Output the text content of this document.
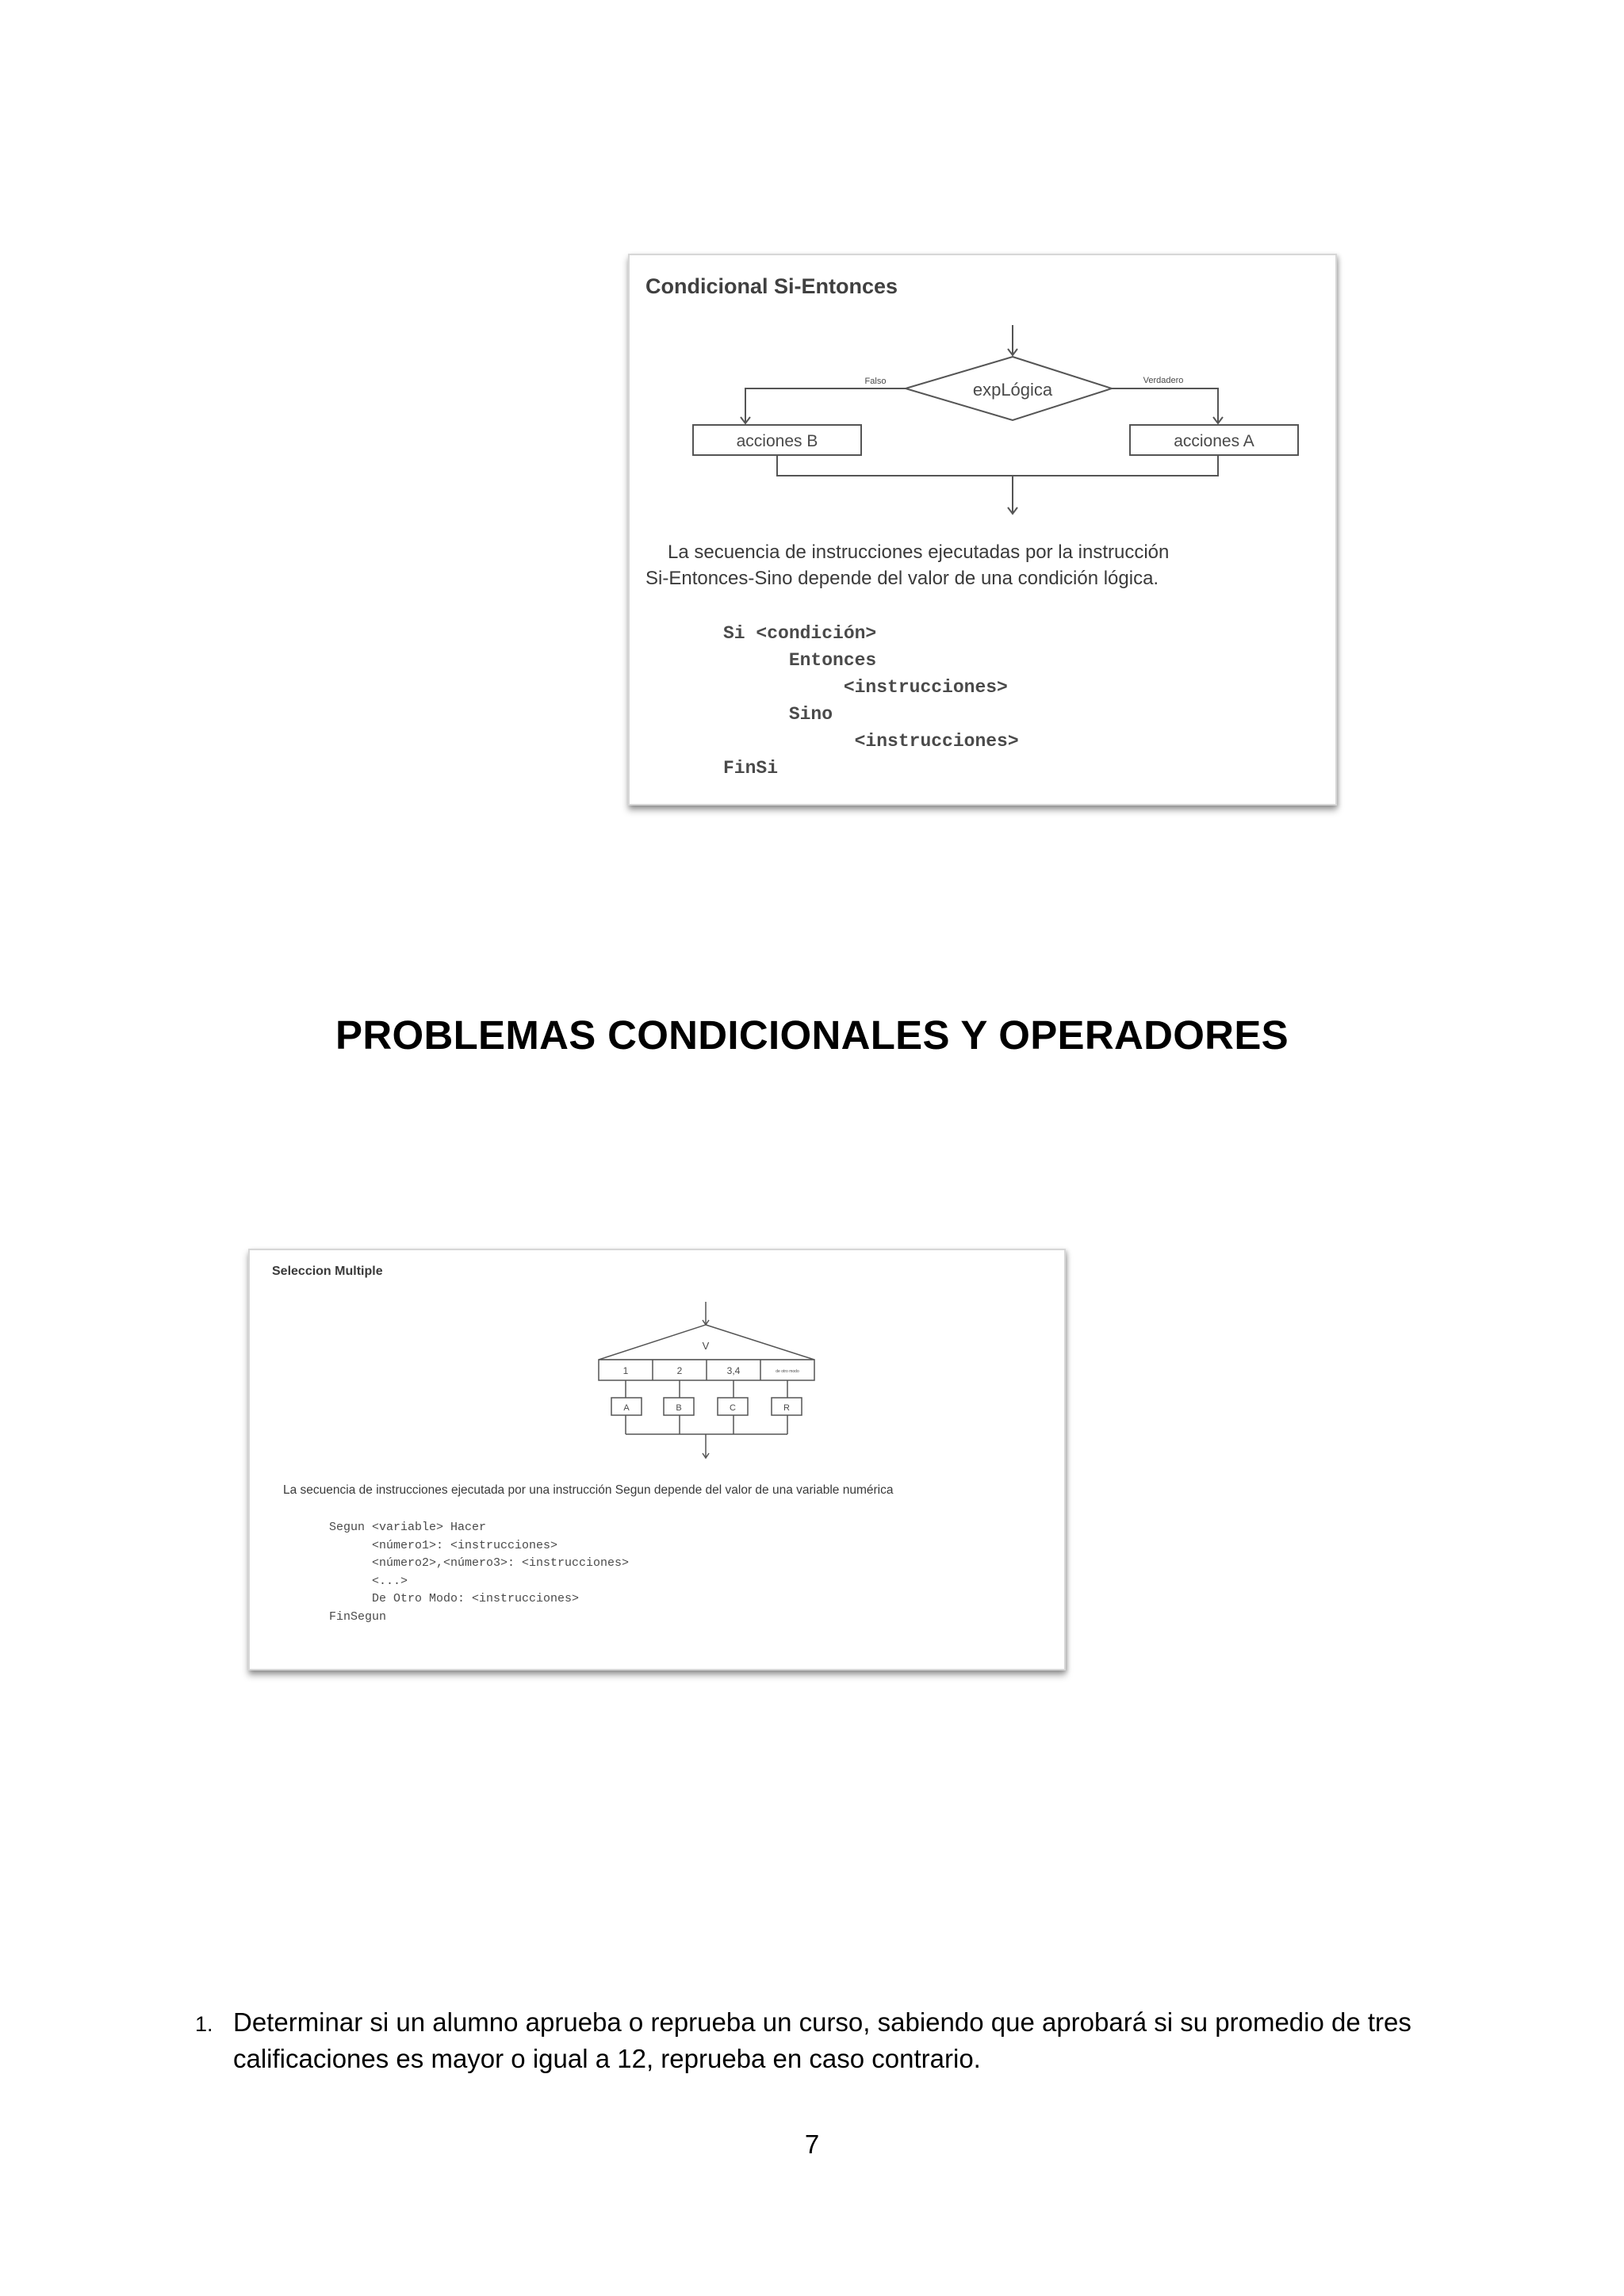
Condicional Si-Entonces
expLógica
Falso	Verdadero
acciones B	acciones A
La secuencia de instrucciones ejecutadas por la instrucción
Si-Entonces-Sino depende del valor de una condición lógica.
Si <condición>
Entonces
<instrucciones>
Sino
<instrucciones>
FinSi
PROBLEMAS CONDICIONALES Y OPERADORES
Seleccion Multiple
V
1	2	3,4	de otro modo
A	B	C	R
La secuencia de instrucciones ejecutada por una instrucción Segun depende del valor de una variable numérica
Segun <variable> Hacer
<número1>: <instrucciones>
<número2>,<número3>: <instrucciones>
<...>
De Otro Modo: <instrucciones>
FinSegun
1. Determinar si un alumno aprueba o reprueba un curso, sabiendo que aprobará si su promedio de tres calificaciones es mayor o igual a 12, reprueba en caso contrario.
7
